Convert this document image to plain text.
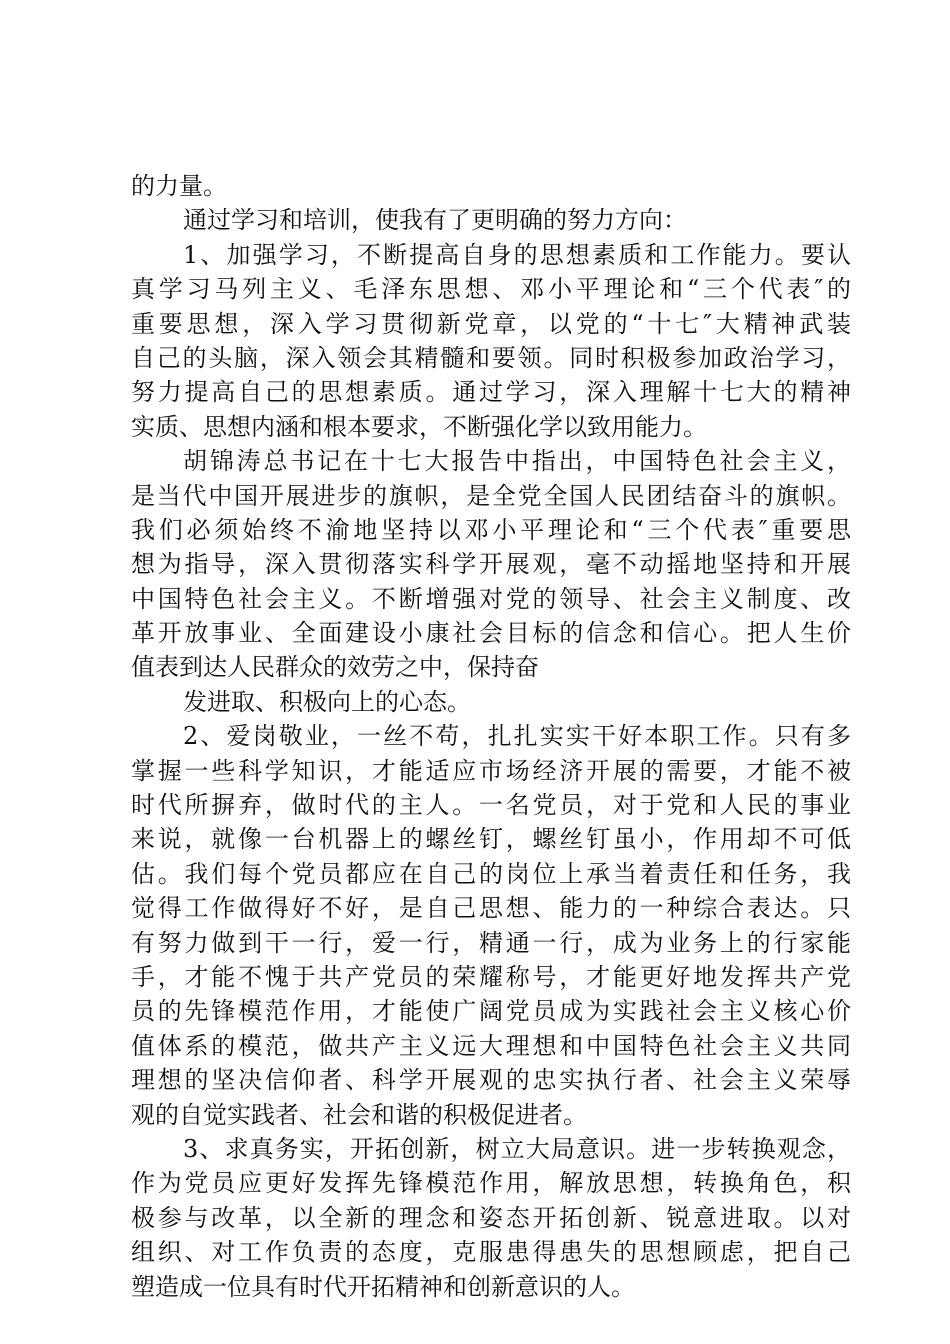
的力量。
通过学习和培训，使我有了更明确的努力方向：
1、加强学习，不断提高自身的思想素质和工作能力。要认
真学习马列主义、毛泽东思想、邓小平理论和“三个代表″的
重要思想，深入学习贯彻新党章，以党的“十七″大精神武装
自己的头脑，深入领会其精髓和要领。同时积极参加政治学习，
努力提高自己的思想素质。通过学习，深入理解十七大的精神
实质、思想内涵和根本要求，不断强化学以致用能力。
胡锦涛总书记在十七大报告中指出，中国特色社会主义，
是当代中国开展进步的旗帜，是全党全国人民团结奋斗的旗帜。
我们必须始终不渝地坚持以邓小平理论和“三个代表″重要思
想为指导，深入贯彻落实科学开展观，毫不动摇地坚持和开展
中国特色社会主义。不断增强对党的领导、社会主义制度、改
革开放事业、全面建设小康社会目标的信念和信心。把人生价
值表到达人民群众的效劳之中，保持奋
发进取、积极向上的心态。
2、爱岗敬业，一丝不苟，扎扎实实干好本职工作。只有多
掌握一些科学知识，才能适应市场经济开展的需要，才能不被
时代所摒弃，做时代的主人。一名党员，对于党和人民的事业
来说，就像一台机器上的螺丝钉，螺丝钉虽小，作用却不可低
估。我们每个党员都应在自己的岗位上承当着责任和任务，我
觉得工作做得好不好，是自己思想、能力的一种综合表达。只
有努力做到干一行，爱一行，精通一行，成为业务上的行家能
手，才能不愧于共产党员的荣耀称号，才能更好地发挥共产党
员的先锋模范作用，才能使广阔党员成为实践社会主义核心价
值体系的模范，做共产主义远大理想和中国特色社会主义共同
理想的坚决信仰者、科学开展观的忠实执行者、社会主义荣辱
观的自觉实践者、社会和谐的积极促进者。
3、求真务实，开拓创新，树立大局意识。进一步转换观念，
作为党员应更好发挥先锋模范作用，解放思想，转换角色，积
极参与改革，以全新的理念和姿态开拓创新、锐意进取。以对
组织、对工作负责的态度，克服患得患失的思想顾虑，把自己
塑造成一位具有时代开拓精神和创新意识的人。
